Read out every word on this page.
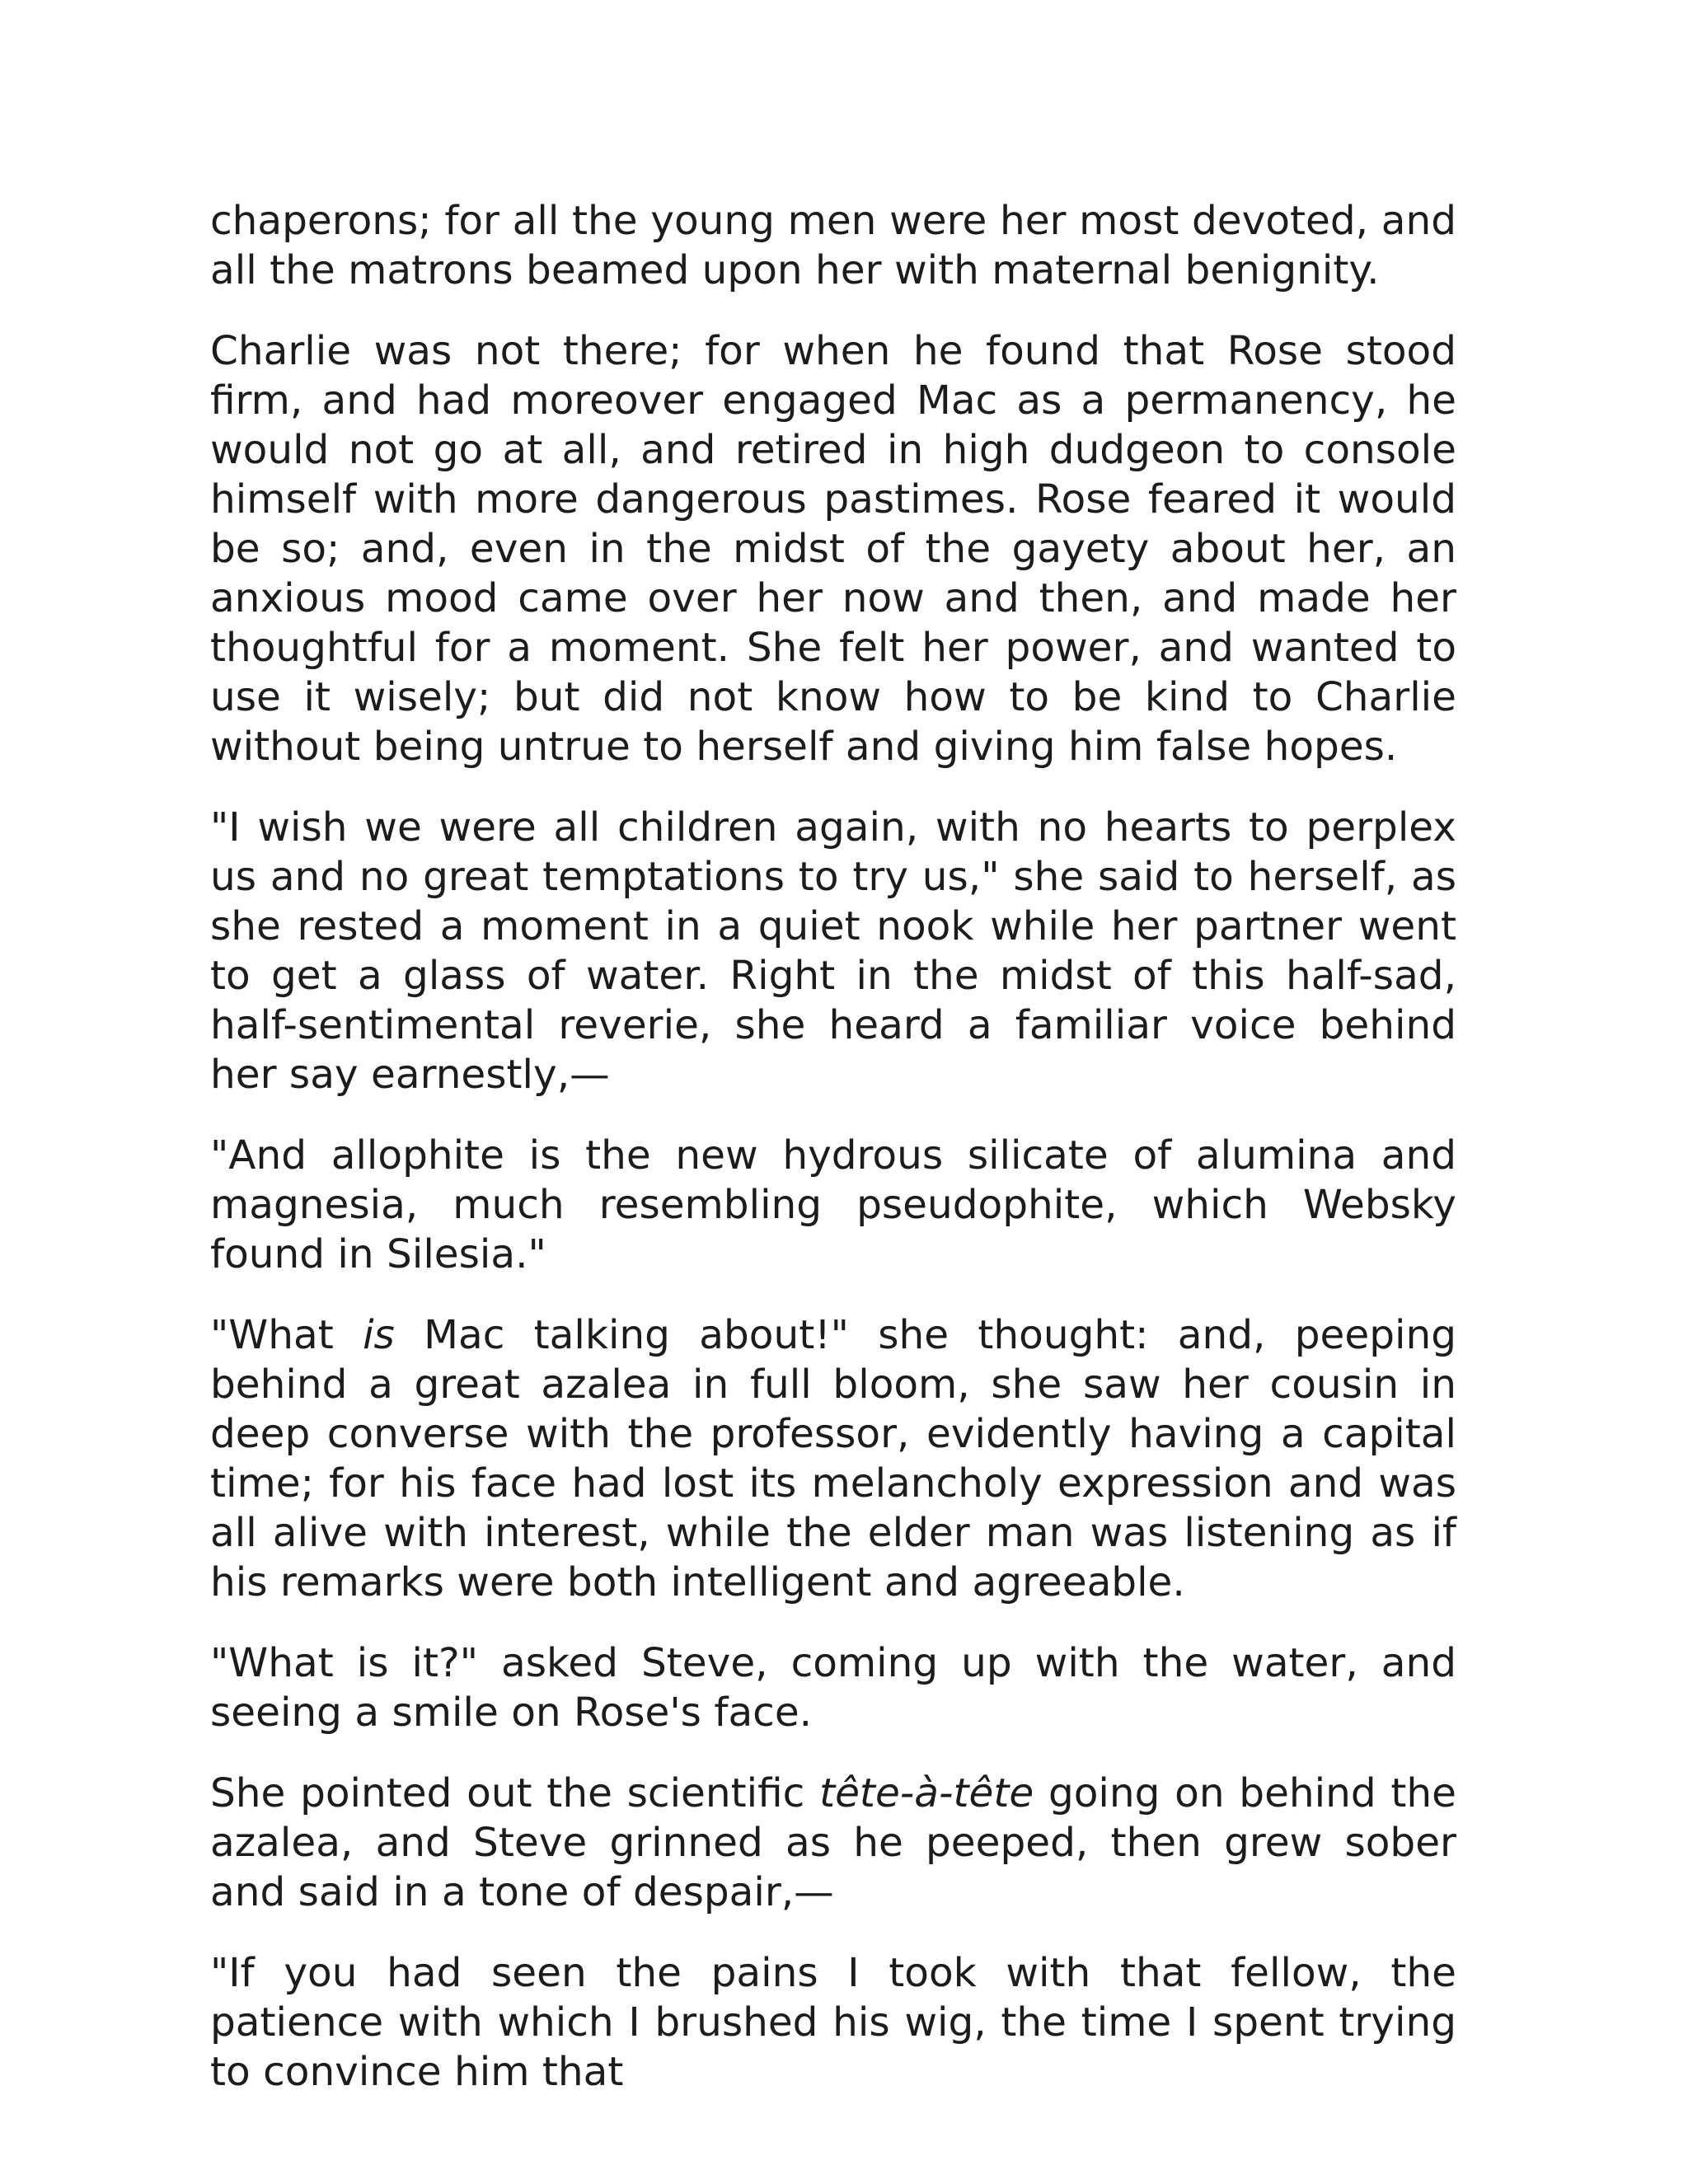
chaperons; for all the young men were her most devoted, and all the matrons beamed upon her with maternal benignity.

Charlie was not there; for when he found that Rose stood firm, and had moreover engaged Mac as a permanency, he would not go at all, and retired in high dudgeon to console himself with more dangerous pastimes. Rose feared it would be so; and, even in the midst of the gayety about her, an anxious mood came over her now and then, and made her thoughtful for a moment. She felt her power, and wanted to use it wisely; but did not know how to be kind to Charlie without being untrue to herself and giving him false hopes.

"I wish we were all children again, with no hearts to perplex us and no great temptations to try us," she said to herself, as she rested a moment in a quiet nook while her partner went to get a glass of water. Right in the midst of this half-sad, half-sentimental reverie, she heard a familiar voice behind her say earnestly,—

"And allophite is the new hydrous silicate of alumina and magnesia, much resembling pseudophite, which Websky found in Silesia."

"What is Mac talking about!" she thought: and, peeping behind a great azalea in full bloom, she saw her cousin in deep converse with the professor, evidently having a capital time; for his face had lost its melancholy expression and was all alive with interest, while the elder man was listening as if his remarks were both intelligent and agreeable.

"What is it?" asked Steve, coming up with the water, and seeing a smile on Rose's face.

She pointed out the scientific tête-à-tête going on behind the azalea, and Steve grinned as he peeped, then grew sober and said in a tone of despair,—

"If you had seen the pains I took with that fellow, the patience with which I brushed his wig, the time I spent trying to convince him that
